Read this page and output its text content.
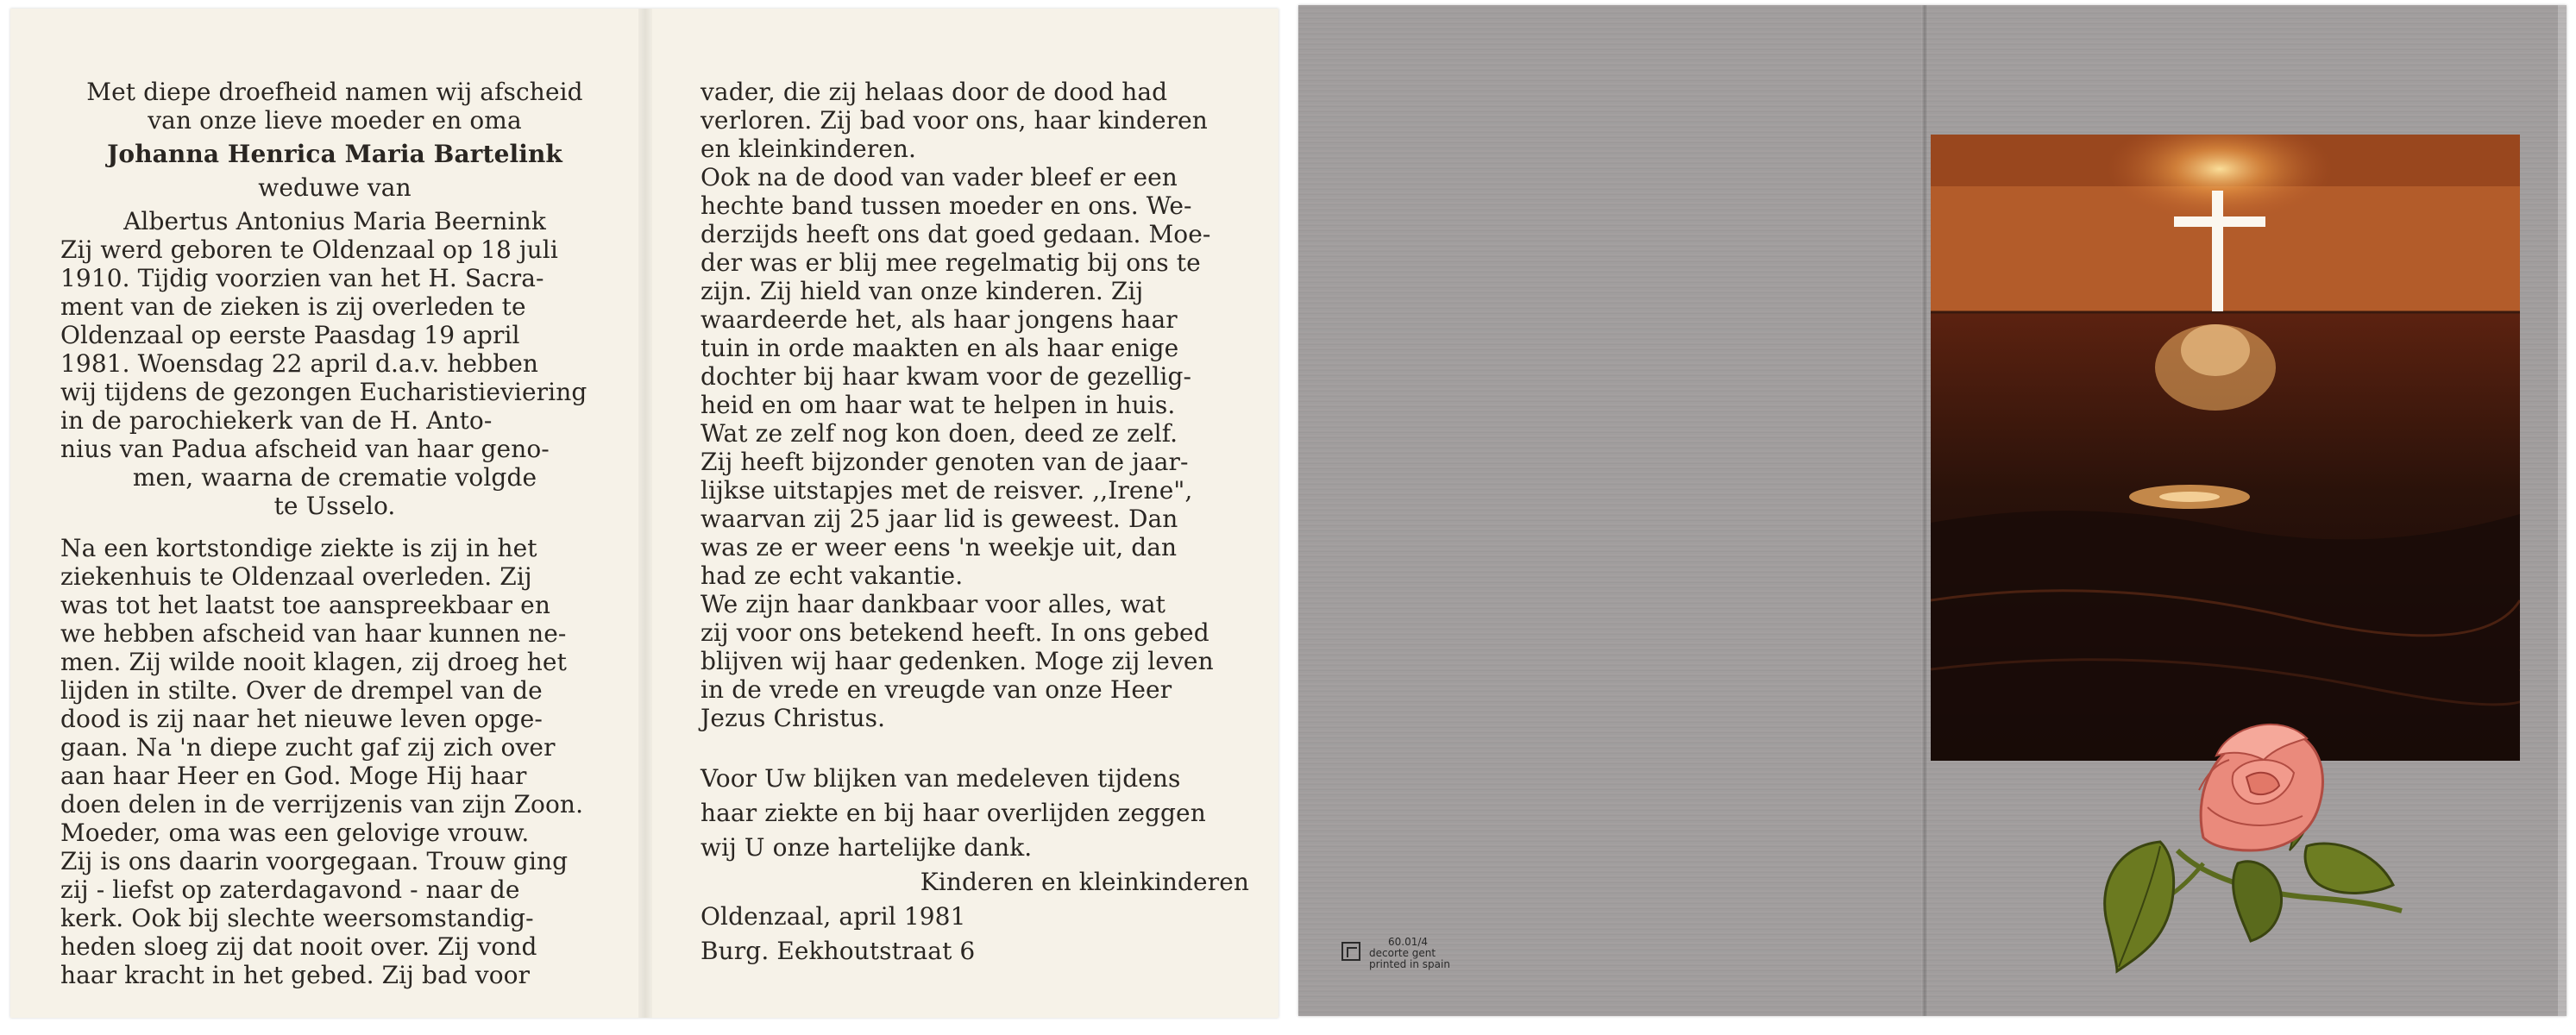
Met diepe droefheid namen wij afscheid

van onze lieve moeder en oma

Johanna Henrica Maria Bartelink

weduwe van

Albertus Antonius Maria Beernink

Zij werd geboren te Oldenzaal op 18 juli

1910. Tijdig voorzien van het H. Sacra-

ment van de zieken is zij overleden te

Oldenzaal op eerste Paasdag 19 april

1981. Woensdag 22 april d.a.v. hebben

wij tijdens de gezongen Eucharistieviering

in de parochiekerk van de H. Anto-

nius van Padua afscheid van haar geno-

men, waarna de crematie volgde

te Usselo.

Na een kortstondige ziekte is zij in het

ziekenhuis te Oldenzaal overleden. Zij

was tot het laatst toe aanspreekbaar en

we hebben afscheid van haar kunnen ne-

men. Zij wilde nooit klagen, zij droeg het

lijden in stilte. Over de drempel van de

dood is zij naar het nieuwe leven opge-

gaan. Na 'n diepe zucht gaf zij zich over

aan haar Heer en God. Moge Hij haar

doen delen in de verrijzenis van zijn Zoon.

Moeder, oma was een gelovige vrouw.

Zij is ons daarin voorgegaan. Trouw ging

zij - liefst op zaterdagavond - naar de

kerk. Ook bij slechte weersomstandig-

heden sloeg zij dat nooit over. Zij vond

haar kracht in het gebed. Zij bad voor

vader, die zij helaas door de dood had

verloren. Zij bad voor ons, haar kinderen

en kleinkinderen.

Ook na de dood van vader bleef er een

hechte band tussen moeder en ons. We-

derzijds heeft ons dat goed gedaan. Moe-

der was er blij mee regelmatig bij ons te

zijn. Zij hield van onze kinderen. Zij

waardeerde het, als haar jongens haar

tuin in orde maakten en als haar enige

dochter bij haar kwam voor de gezellig-

heid en om haar wat te helpen in huis.

Wat ze zelf nog kon doen, deed ze zelf.

Zij heeft bijzonder genoten van de jaar-

lijkse uitstapjes met de reisver. ,,Irene",

waarvan zij 25 jaar lid is geweest. Dan

was ze er weer eens 'n weekje uit, dan

had ze echt vakantie.

We zijn haar dankbaar voor alles, wat

zij voor ons betekend heeft. In ons gebed

blijven wij haar gedenken. Moge zij leven

in de vrede en vreugde van onze Heer

Jezus Christus.

Voor Uw blijken van medeleven tijdens

haar ziekte en bij haar overlijden zeggen

wij U onze hartelijke dank.

Kinderen en kleinkinderen

Oldenzaal, april 1981

Burg. Eekhoutstraat 6	60.01/4
decorte gent
printed in spain
